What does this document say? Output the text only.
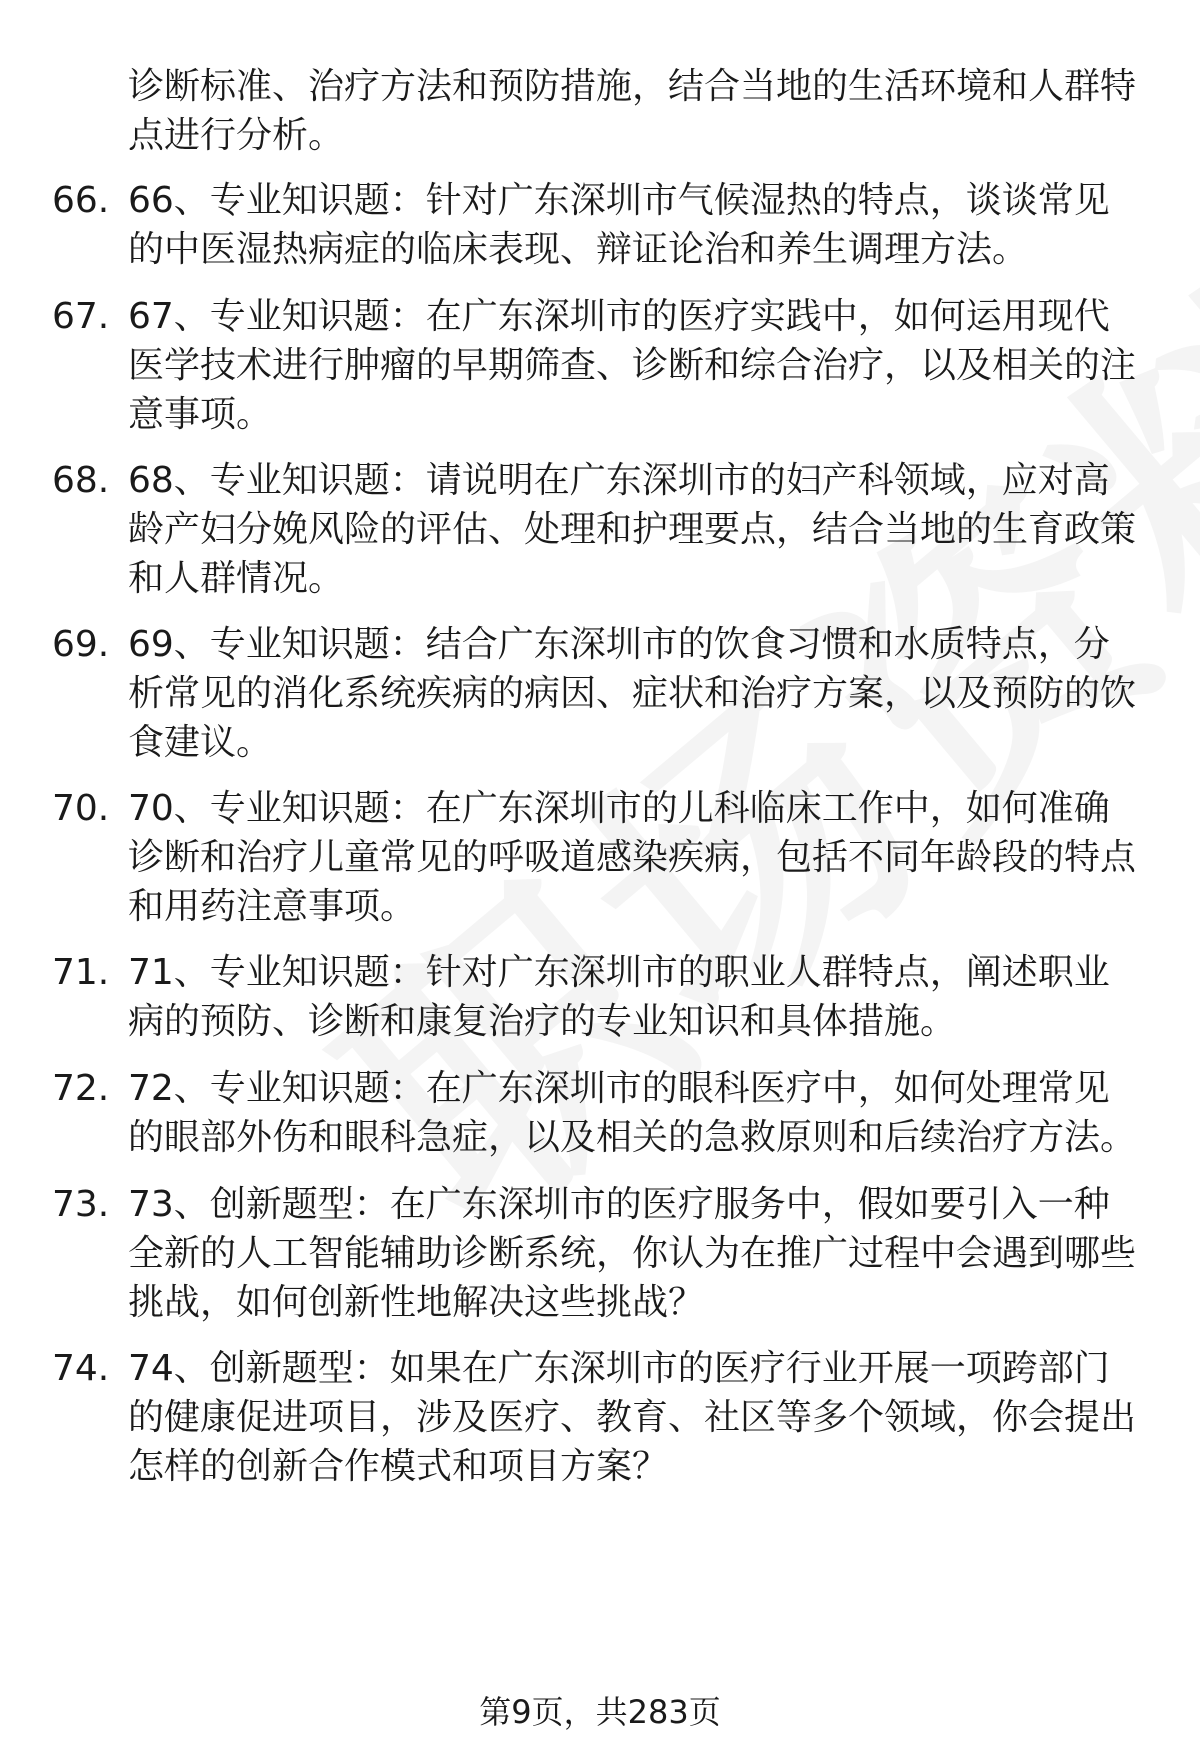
诊断标准、治疗方法和预防措施，结合当地的生活环境和人群特点进行分析。
66. 66、专业知识题：针对广东深圳市气候湿热的特点，谈谈常见的中医湿热病症的临床表现、辩证论治和养生调理方法。
67. 67、专业知识题：在广东深圳市的医疗实践中，如何运用现代医学技术进行肿瘤的早期筛查、诊断和综合治疗，以及相关的注意事项。
68. 68、专业知识题：请说明在广东深圳市的妇产科领域，应对高龄产妇分娩风险的评估、处理和护理要点，结合当地的生育政策和人群情况。
69. 69、专业知识题：结合广东深圳市的饮食习惯和水质特点，分析常见的消化系统疾病的病因、症状和治疗方案，以及预防的饮食建议。
70. 70、专业知识题：在广东深圳市的儿科临床工作中，如何准确诊断和治疗儿童常见的呼吸道感染疾病，包括不同年龄段的特点和用药注意事项。
71. 71、专业知识题：针对广东深圳市的职业人群特点，阐述职业病的预防、诊断和康复治疗的专业知识和具体措施。
72. 72、专业知识题：在广东深圳市的眼科医疗中，如何处理常见的眼部外伤和眼科急症，以及相关的急救原则和后续治疗方法。
73. 73、创新题型：在广东深圳市的医疗服务中，假如要引入一种全新的人工智能辅助诊断系统，你认为在推广过程中会遇到哪些挑战，如何创新性地解决这些挑战？
74. 74、创新题型：如果在广东深圳市的医疗行业开展一项跨部门的健康促进项目，涉及医疗、教育、社区等多个领域，你会提出怎样的创新合作模式和项目方案？
第9页，共283页
